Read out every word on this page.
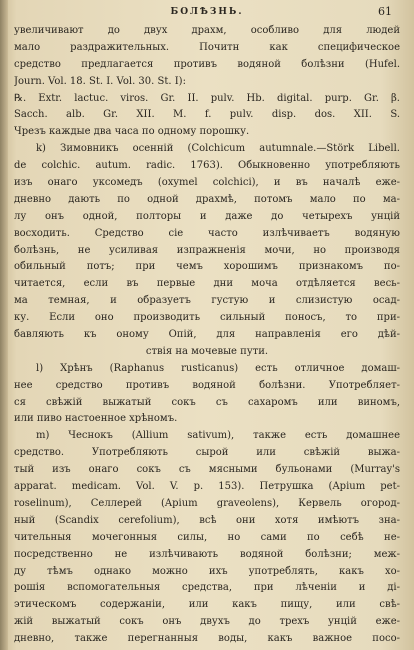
БОЛѢЗНЬ.	61
увеличивают до двух драхм, особливо для людей
мало раздражительных. Почитн как специфическое
средство предлагается противъ водяной болѣзни (Hufel.
Journ. Vol. 18. St. I. Vol. 30. St. I):
℞. Extr. lactuc. viros. Gr. II. pulv. Hb. digital. purp. Gr. β.
Sacch. alb. Gr. XII. M. f. pulv. disp. dos. XII. S.
Чрезъ каждые два часа по одному порошку.
k) Зимовникъ осенній (Colchicum autumnale.—Störk Libell.
de colchic. autum. radic. 1763). Обыкновенно употребляють
изъ онаго уксомедъ (oxymel colchici), и въ началѣ еже-
дневно дають по одной драхмѣ, потомъ мало по ма-
лу онъ одной, полторы и даже до четырехъ унцій
восходить. Средство сіе часто излѣчиваетъ водяную
болѣзнь, не усиливая изпражненія мочи, но производя
обильный потъ; при чемъ хорошимъ признакомъ по-
читается, если въ первые дни моча отдѣляется весь-
ма темная, и образуетъ густую и слизистую осад-
ку. Если оно производить сильный поносъ, то при-
бавляють къ оному Опій, для направленія его дѣй-
ствія на мочевые пути.
l) Хрѣнъ (Raphanus rusticanus) есть отличное домаш-
нее средство противъ водяной болѣзни. Употребляет-
ся свѣжій выжатый сокъ съ сахаромъ или виномъ,
или пиво настоенное хрѣномъ.
m) Чеснокъ (Allium sativum), также есть домашнее
средство. Употребляють сырой или свѣжій выжа-
тый изъ онаго сокъ съ мясными бульонами (Murray's
apparat. medicam. Vol. V. p. 153). Петрушка (Apium pet-
roselinum), Селлерей (Apium graveolens), Кервель огород-
ный (Scandix cerefolium), всѣ они хотя имѣютъ зна-
чительныя мочегонныя силы, но сами по себѣ не-
посредственно не излѣчивають водяной болѣзни; меж-
ду тѣмъ однако можно ихъ употреблять, какъ хо-
рошія вспомогательныя средства, при лѣченіи и ді-
этическомъ содержаніи, или какъ пищу, или свѣ-
жій выжатый сокъ онъ двухъ до трехъ унцій еже-
дневно, также перегнанныя воды, какъ важное посо-
